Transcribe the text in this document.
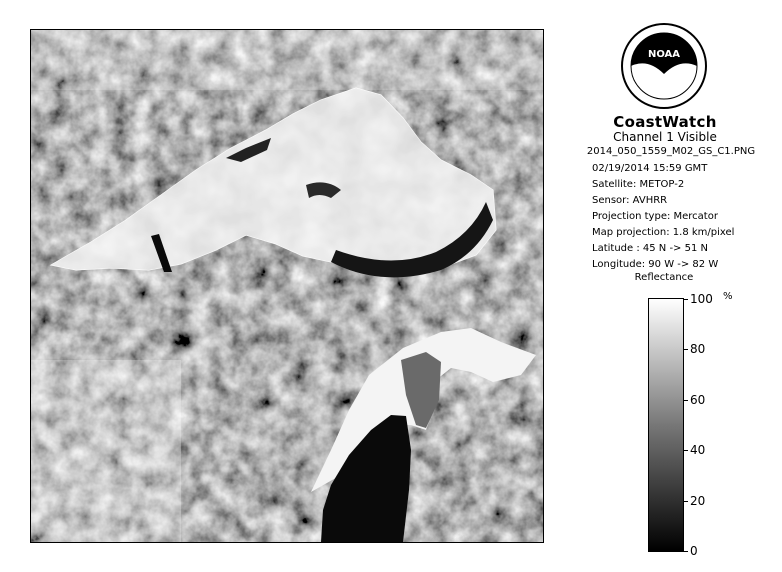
NOAA
CoastWatch
Channel 1 Visible
2014_050_1559_M02_GS_C1.PNG
02/19/2014 15:59 GMT
Satellite: METOP-2
Sensor: AVHRR
Projection type: Mercator
Map projection: 1.8 km/pixel
Latitude : 45 N -> 51 N
Longitude: 90 W -> 82 W
Reflectance
%
0
20
40
60
80
100
